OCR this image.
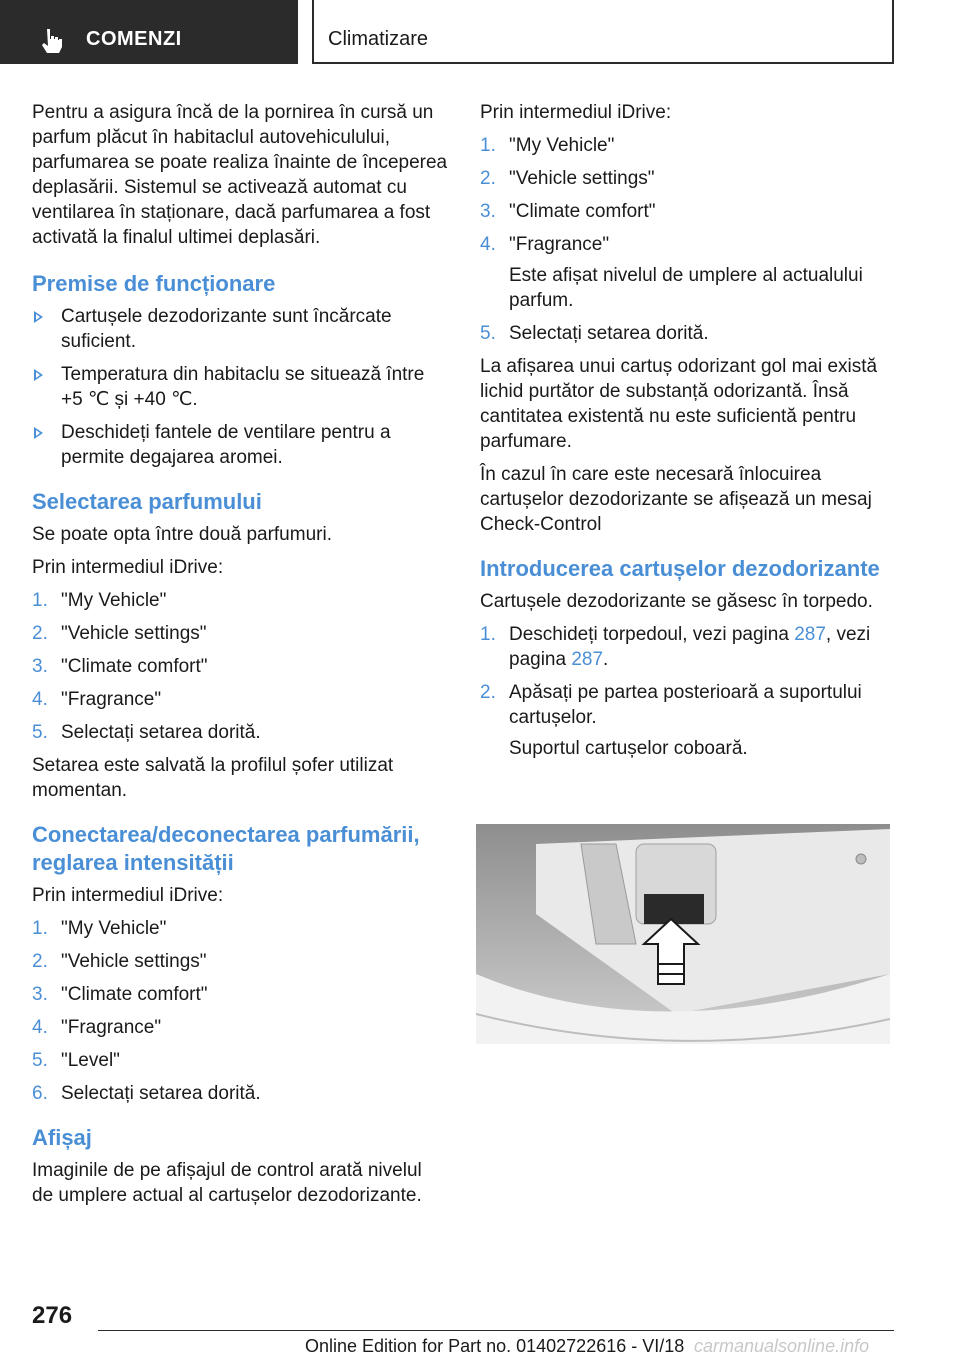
COMENZI	Climatizare

Pentru a asigura încă de la pornirea în cursă un parfum plăcut în habitaclul autovehiculului, parfumarea se poate realiza înainte de începerea deplasării. Sistemul se activează automat cu ventilarea în staționare, dacă parfumarea a fost activată la finalul ultimei deplasări.

Premise de funcționare
Cartușele dezodorizante sunt încărcate suficient.
Temperatura din habitaclu se situează între +5 ℃ și +40 ℃.
Deschideți fantele de ventilare pentru a permite degajarea aromei.
Selectarea parfumului

Se poate opta între două parfumuri.

Prin intermediul iDrive:

1. "My Vehicle"
2. "Vehicle settings"
3. "Climate comfort"
4. "Fragrance"
5. Selectați setarea dorită.

Setarea este salvată la profilul șofer utilizat momentan.

Conectarea/deconectarea parfumării, reglarea intensității

Prin intermediul iDrive:

1. "My Vehicle"
2. "Vehicle settings"
3. "Climate comfort"
4. "Fragrance"
5. "Level"
6. Selectați setarea dorită.
Afișaj

Imaginile de pe afișajul de control arată nivelul de umplere actual al cartușelor dezodorizante.

Prin intermediul iDrive:

1. "My Vehicle"
2. "Vehicle settings"
3. "Climate comfort"
4. "Fragrance"
Este afișat nivelul de umplere al actualului parfum.
5. Selectați setarea dorită.

La afișarea unui cartuș odorizant gol mai există lichid purtător de substanță odorizantă. Însă cantitatea existentă nu este suficientă pentru parfumare.

În cazul în care este necesară înlocuirea cartușelor dezodorizante se afișează un mesaj Check-Control

Introducerea cartușelor dezodorizante

Cartușele dezodorizante se găsesc în torpedo.

1. Deschideți torpedoul, vezi pagina 287, vezi pagina 287.
2. Apăsați pe partea posterioară a suportului cartușelor.
Suportul cartușelor coboară.
276
Online Edition for Part no. 01402722616 - VI/18 carmanualsonline.info
